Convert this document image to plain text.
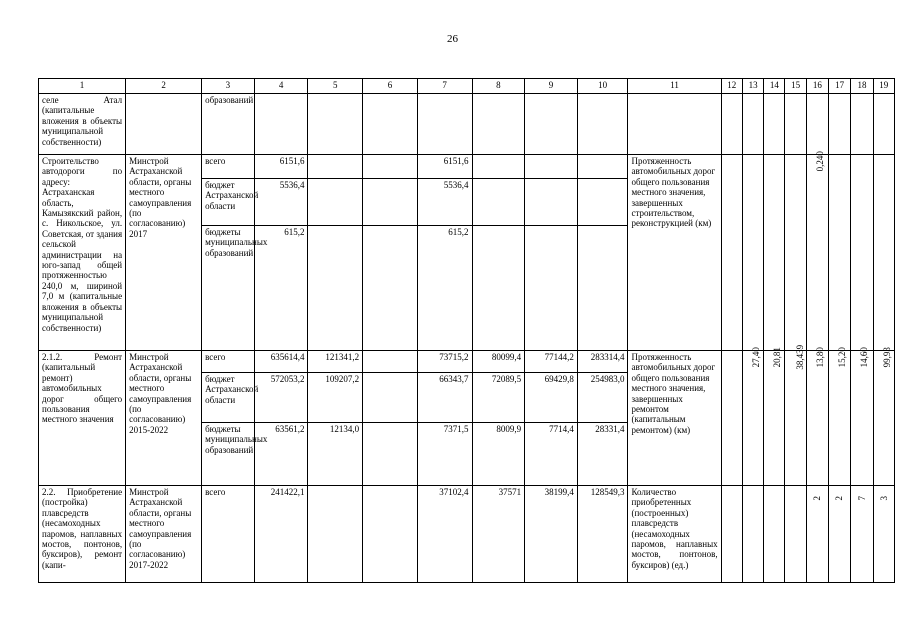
26
1	2	3	4	5	6	7	8	9	10	11	12	13	14	15	16	17	18	19
селе Атал (капитальные вложения в объекты муниципальной собственности)		образований																
Строительство автодороги по адресу: Астраханская область, Камызякский район, с. Никольское, ул. Советская, от здания сельской администрации на юго-запад общей протяженностью 240,0 м, шириной 7,0 м (капитальные вложения в объекты муниципальной собственности)	Минстрой Астраханской области, органы местного самоуправления (по согласованию) 2017	всего	6151,6			6151,6				Протяженность автомобильных дорог общего пользования местного значения, завершенных строительством, реконструкцией (км)					0,240			
		бюджет Астраханской области	5536,4			5536,4												
		бюджеты муниципальных образований	615,2			615,2												
2.1.2. Ремонт (капитальный ремонт) автомобильных дорог общего пользования местного значения	Минстрой Астраханской области, органы местного самоуправления (по согласованию) 2015-2022	всего	635614,4	121341,2		73715,2	80099,4	77144,2	283314,4	Протяженность автомобильных дорог общего пользования местного значения, завершенных ремонтом (капитальным ремонтом) (км)		27,40	20,81	38,439	13,80	15,20	14,60	99,93
		бюджет Астраханской области	572053,2	109207,2		66343,7	72089,5	69429,8	254983,0									
		бюджеты муниципальных образований	63561,2	12134,0		7371,5	8009,9	7714,4	28331,4									
2.2. Приобретение (постройка) плавсредств (несамоходных паромов, наплавных мостов, понтонов, буксиров), ремонт (капи-	Минстрой Астраханской области, органы местного самоуправления (по согласованию) 2017-2022	всего	241422,1			37102,4	37571	38199,4	128549,3	Количество приобретенных (построенных) плавсредств (несамоходных паромов, наплавных мостов, понтонов, буксиров) (ед.)					2	2	7	3
